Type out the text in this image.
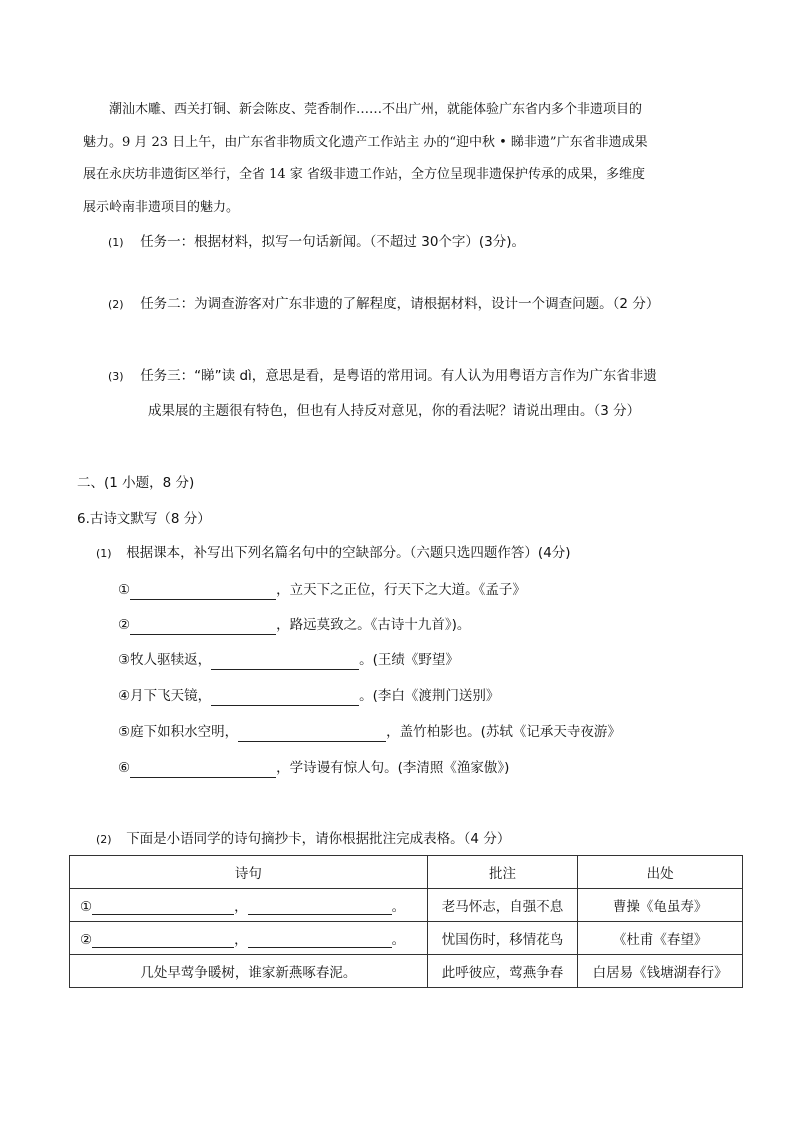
潮汕木雕、西关打铜、新会陈皮、莞香制作……不出广州，就能体验广东省内多个非遗项目的
魅力。9 月 23 日上午，由广东省非物质文化遗产工作站主 办的“迎中秋 • 睇非遗”广东省非遗成果
展在永庆坊非遗街区举行，全省 14 家 省级非遗工作站，全方位呈现非遗保护传承的成果，多维度
展示岭南非遗项目的魅力。
(1) 任务一：根据材料，拟写一句话新闻。（不超过 30个字）(3分)。
(2) 任务二：为调查游客对广东非遗的了解程度，请根据材料，设计一个调查问题。（2 分）
(3) 任务三：“睇”读 dì，意思是看，是粤语的常用词。有人认为用粤语方言作为广东省非遗
成果展的主题很有特色，但也有人持反对意见，你的看法呢？请说出理由。（3 分）
二、(1 小题，8 分)
6.古诗文默写（8 分）
(1) 根据课本，补写出下列名篇名句中的空缺部分。（六题只选四题作答）(4分)
①	，立天下之正位，行天下之大道。《孟子》
②	，路远莫致之。《古诗十九首》)。
③牧人驱犊返，	。(王绩《野望》
④月下飞天镜，	。(李白《渡荆门送别》
⑤庭下如积水空明，	，盖竹柏影也。(苏轼《记承天寺夜游》
⑥	，学诗谩有惊人句。(李清照《渔家傲》)
(2) 下面是小语同学的诗句摘抄卡，请你根据批注完成表格。（4 分）
诗句	批注	出处
① ， 。	老马怀志，自强不息	曹操《龟虽寿》
② ， 。	忧国伤时，移情花鸟	《杜甫《春望》
几处早莺争暖树，谁家新燕啄春泥。	此呼彼应，莺燕争春	白居易《钱塘湖春行》
